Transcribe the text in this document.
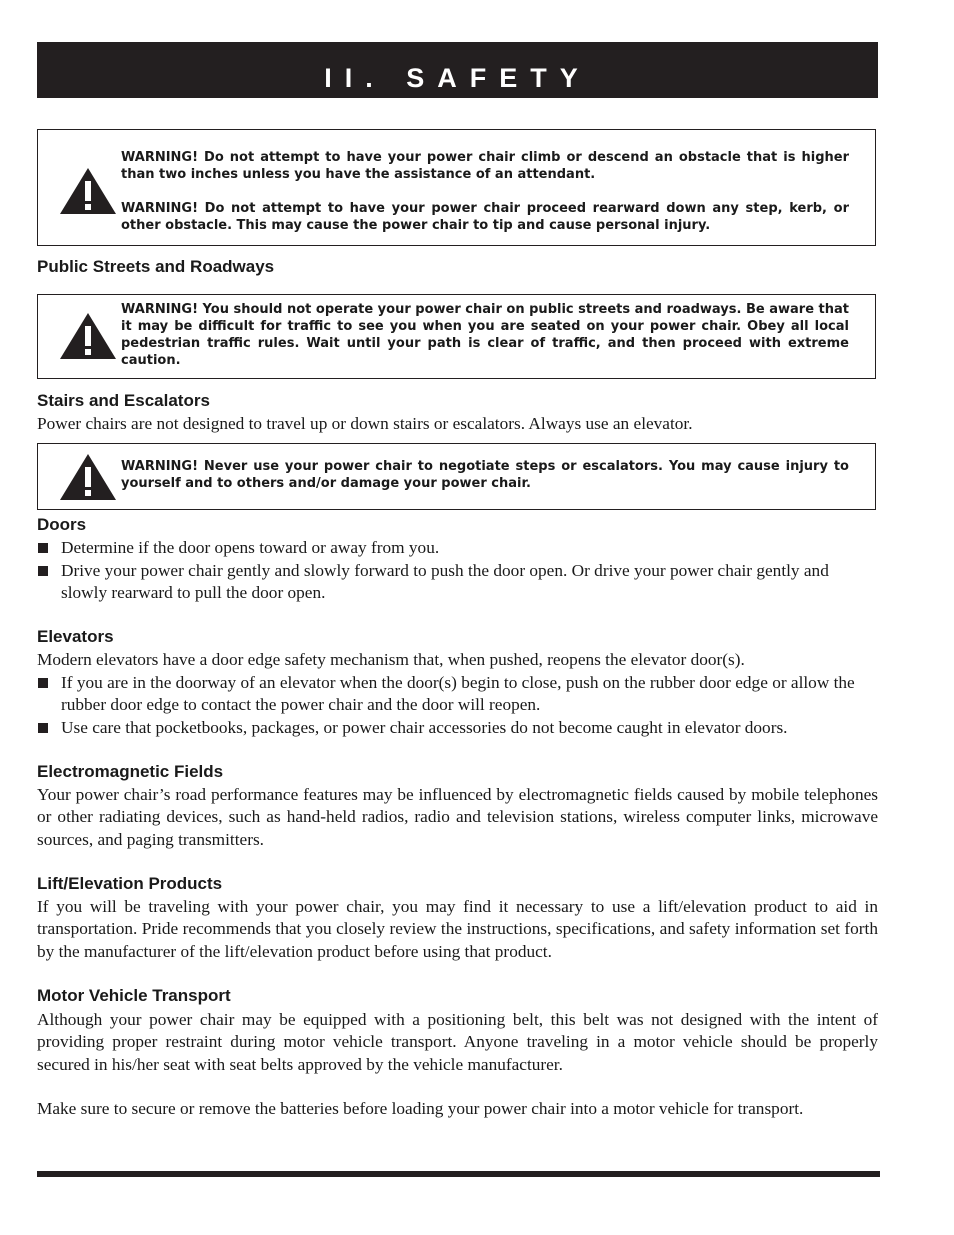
II. SAFETY

WARNING! Do not attempt to have your power chair climb or descend an obstacle that is higher than two inches unless you have the assistance of an attendant.

WARNING! Do not attempt to have your power chair proceed rearward down any step, kerb, or other obstacle. This may cause the power chair to tip and cause personal injury.

Public Streets and Roadways

WARNING! You should not operate your power chair on public streets and roadways. Be aware that it may be difficult for traffic to see you when you are seated on your power chair. Obey all local pedestrian traffic rules. Wait until your path is clear of traffic, and then proceed with extreme caution.

Stairs and Escalators

Power chairs are not designed to travel up or down stairs or escalators. Always use an elevator.

WARNING! Never use your power chair to negotiate steps or escalators. You may cause injury to yourself and to others and/or damage your power chair.

Doors
Determine if the door opens toward or away from you.
Drive your power chair gently and slowly forward to push the door open. Or drive your power chair gently and slowly rearward to pull the door open.
Elevators

Modern elevators have a door edge safety mechanism that, when pushed, reopens the elevator door(s).

If you are in the doorway of an elevator when the door(s) begin to close, push on the rubber door edge or allow the rubber door edge to contact the power chair and the door will reopen.
Use care that pocketbooks, packages, or power chair accessories do not become caught in elevator doors.
Electromagnetic Fields

Your power chair’s road performance features may be influenced by electromagnetic fields caused by mobile telephones or other radiating devices, such as hand-held radios, radio and television stations, wireless computer links, microwave sources, and paging transmitters.

Lift/Elevation Products

If you will be traveling with your power chair, you may find it necessary to use a lift/elevation product to aid in transportation. Pride recommends that you closely review the instructions, specifications, and safety information set forth by the manufacturer of the lift/elevation product before using that product.

Motor Vehicle Transport

Although your power chair may be equipped with a positioning belt, this belt was not designed with the intent of providing proper restraint during motor vehicle transport. Anyone traveling in a motor vehicle should be properly secured in his/her seat with seat belts approved by the vehicle manufacturer.

Make sure to secure or remove the batteries before loading your power chair into a motor vehicle for transport.
